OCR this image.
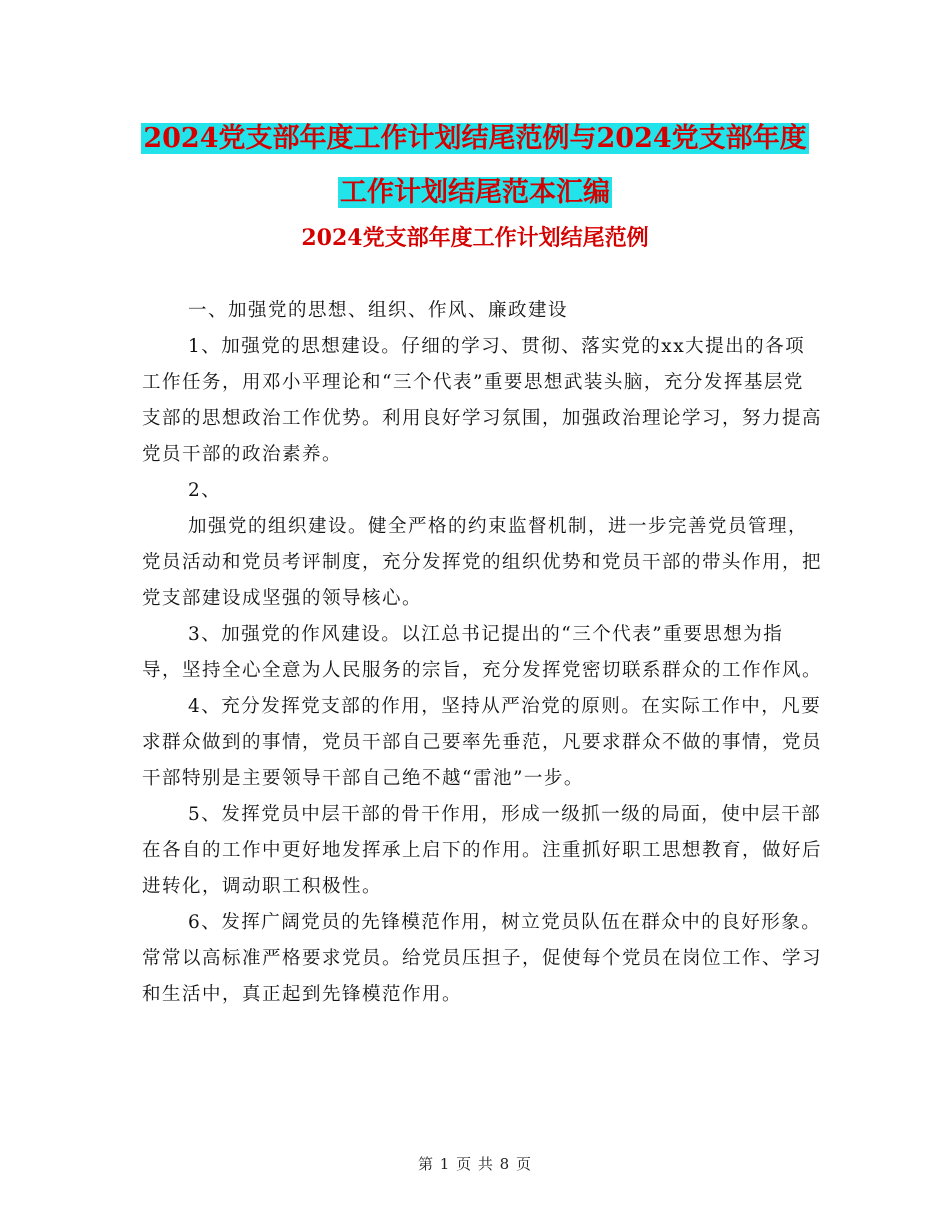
2024党支部年度工作计划结尾范例与2024党支部年度
工作计划结尾范本汇编
2024党支部年度工作计划结尾范例

一、加强党的思想、组织、作风、廉政建设

1、加强党的思想建设。仔细的学习、贯彻、落实党的xx大提出的各项工作任务，用邓小平理论和“三个代表”重要思想武装头脑，充分发挥基层党支部的思想政治工作优势。利用良好学习氛围，加强政治理论学习，努力提高党员干部的政治素养。

2、

加强党的组织建设。健全严格的约束监督机制，进一步完善党员管理，党员活动和党员考评制度，充分发挥党的组织优势和党员干部的带头作用，把党支部建设成坚强的领导核心。

3、加强党的作风建设。以江总书记提出的“三个代表”重要思想为指导，坚持全心全意为人民服务的宗旨，充分发挥党密切联系群众的工作作风。

4、充分发挥党支部的作用，坚持从严治党的原则。在实际工作中，凡要求群众做到的事情，党员干部自己要率先垂范，凡要求群众不做的事情，党员干部特别是主要领导干部自己绝不越“雷池”一步。

5、发挥党员中层干部的骨干作用，形成一级抓一级的局面，使中层干部在各自的工作中更好地发挥承上启下的作用。注重抓好职工思想教育，做好后进转化，调动职工积极性。

6、发挥广阔党员的先锋模范作用，树立党员队伍在群众中的良好形象。常常以高标准严格要求党员。给党员压担子，促使每个党员在岗位工作、学习和生活中，真正起到先锋模范作用。

第 1 页 共 8 页
